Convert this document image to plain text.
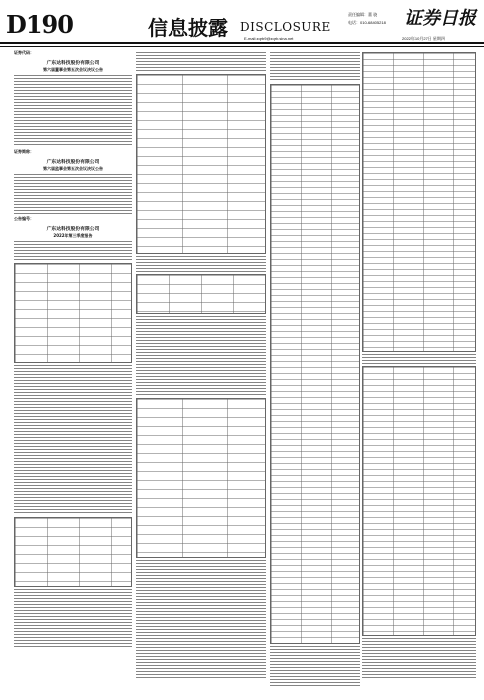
D190	信息披露 DISCLOSURE
责任编辑：董 骁
电话：010-68405218
E-mail:zqrb9@zqrb.sina.net
证券日报
2022年10月27日 星期四
证券代码：
广东达科技股份有限公司
第六届董事会第五次会议决议公告
证券简称：
广东达科技股份有限公司
第六届监事会第五次会议决议公告
公告编号：
广东达科技股份有限公司
2022年第三季度报告
